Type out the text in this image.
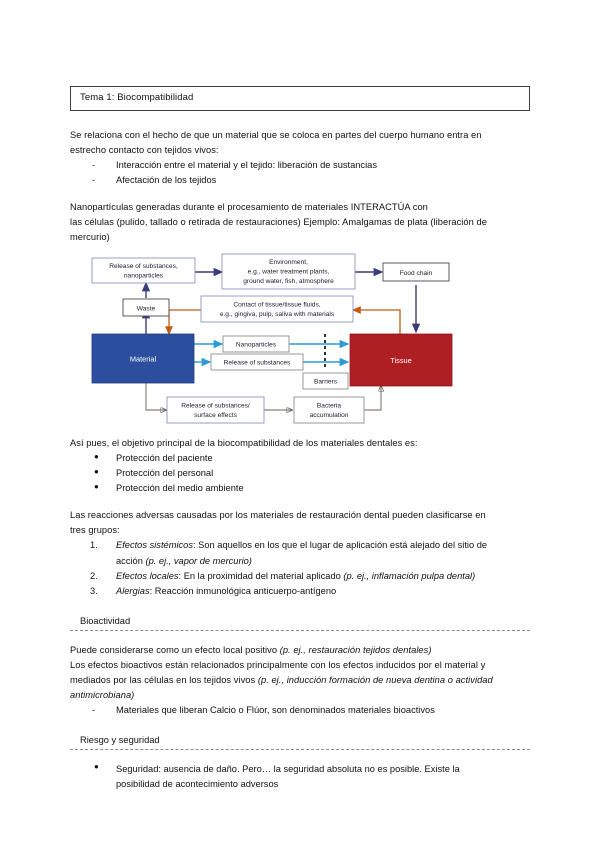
Tema 1: Biocompatibilidad
Se relaciona con el hecho de que un material que se coloca en partes del cuerpo humano entra en
estrecho contacto con tejidos vivos:
- Interacción entre el material y el tejido: liberación de sustancias
- Afectación de los tejidos
Nanopartículas generadas durante el procesamiento de materiales INTERACTÚA con
las células (pulido, tallado o retirada de restauraciones) Ejemplo: Amalgamas de plata (liberación de
mercurio)
Release of substances,
nanoparticles
Environment,
e.g., water treatment plants,
ground water, fish, atmosphere
Food chain
Waste
Contact of tissue/tissue fluids,
e.g., gingiva, pulp, saliva with materials
Material	Tissue
Nanoparticles
Release of substances
Barriers
Release of substances/
surface effects
Bacteria
accumulation
Así pues, el objetivo principal de la biocompatibilidad de los materiales dentales es:
● Protección del paciente
● Protección del personal
● Protección del medio ambiente
Las reacciones adversas causadas por los materiales de restauración dental pueden clasificarse en
tres grupos:
1. Efectos sistémicos: Son aquellos en los que el lugar de aplicación está alejado del sitio de
acción (p. ej., vapor de mercurio)
2. Efectos locales: En la proximidad del material aplicado (p. ej., inflamación pulpa dental)
3. Alergias: Reacción inmunológica anticuerpo-antígeno
Bioactividad
Puede considerarse como un efecto local positivo (p. ej., restauración tejidos dentales)
Los efectos bioactivos están relacionados principalmente con los efectos inducidos por el material y
mediados por las células en los tejidos vivos (p. ej., inducción formación de nueva dentina o actividad
antimicrobiana)
- Materiales que liberan Calcio o Flúor, son denominados materiales bioactivos
Riesgo y seguridad
● Seguridad: ausencia de daño. Pero… la seguridad absoluta no es posible. Existe la
posibilidad de acontecimiento adversos
